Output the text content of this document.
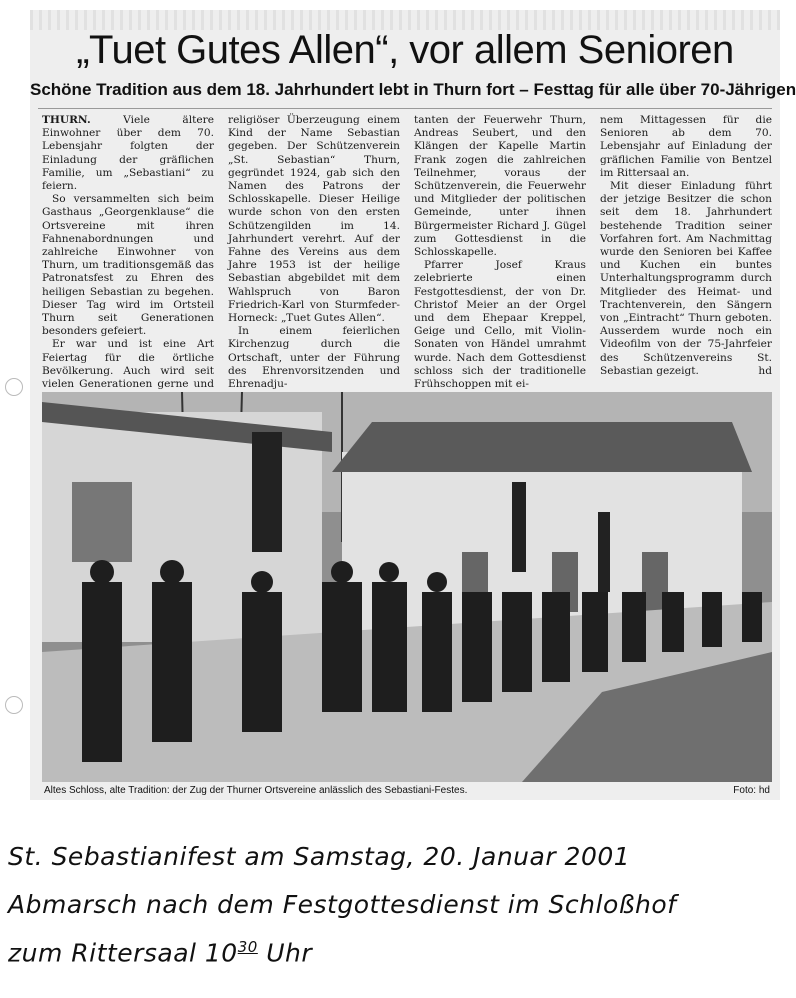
„Tuet Gutes Allen“, vor allem Senioren
Schöne Tradition aus dem 18. Jahrhundert lebt in Thurn fort – Festtag für alle über 70-Jährigen

THURN.	Viele ältere Einwohner über dem 70. Lebensjahr folgten der Einladung der gräflichen Familie, um „Sebastiani“ zu feiern.

So versammelten sich beim Gasthaus „Georgenklause“ die Ortsvereine mit ihren Fahnenabordnungen und zahlreiche Einwohner von Thurn, um traditionsgemäß das Patronatsfest zu Ehren des heiligen Sebastian zu begehen. Dieser Tag wird im Ortsteil Thurn seit Generationen besonders gefeiert.

Er war und ist eine Art Feiertag für die örtliche Bevölkerung. Auch wird seit vielen Generationen gerne und

religiöser Überzeugung einem Kind der Name Sebastian gegeben. Der Schützenverein „St. Sebastian“ Thurn, gegründet 1924, gab sich den Namen des Patrons der Schlosskapelle. Dieser Heilige wurde schon von den ersten Schützengilden im 14. Jahrhundert verehrt. Auf der Fahne des Vereins aus dem Jahre 1953 ist der heilige Sebastian abgebildet mit dem Wahlspruch von Baron Friedrich-Karl von Sturmfeder-Horneck: „Tuet Gutes Allen“.

In einem feierlichen Kirchenzug durch die Ortschaft, unter der Führung des Ehrenvorsitzenden und Ehrenadju-

tanten der Feuerwehr Thurn, Andreas Seubert, und den Klängen der Kapelle Martin Frank zogen die zahlreichen Teilnehmer, voraus der Schützenverein, die Feuerwehr und Mitglieder der politischen Gemeinde, unter ihnen Bürgermeister Richard J. Gügel zum Gottesdienst in die Schlosskapelle.

Pfarrer Josef Kraus zelebrierte einen Festgottesdienst, der von Dr. Christof Meier an der Orgel und dem Ehepaar Kreppel, Geige und Cello, mit Violin-Sonaten von Händel umrahmt wurde. Nach dem Gottesdienst schloss sich der traditionelle Frühschoppen mit ei-

nem Mittagessen für die Senioren ab dem 70. Lebensjahr auf Einladung der gräflichen Familie von Bentzel im Rittersaal an.

Mit dieser Einladung führt der jetzige Besitzer die schon seit dem 18. Jahrhundert bestehende Tradition seiner Vorfahren fort. Am Nachmittag wurde den Senioren bei Kaffee und Kuchen ein buntes Unterhaltungsprogramm durch Mitglieder des Heimat- und Trachtenverein, den Sängern von „Eintracht“ Thurn geboten. Ausserdem wurde noch ein Videofilm von der 75-Jahrfeier des Schützenvereins St. Sebastian gezeigt.	hd

Altes Schloss, alte Tradition: der Zug der Thurner Ortsvereine anlässlich des Sebastiani-Festes.	Foto: hd
St. Sebastianifest am Samstag, 20. Januar 2001
Abmarsch nach dem Festgottesdienst im Schloßhof
zum Rittersaal $10^{30}$ Uhr
